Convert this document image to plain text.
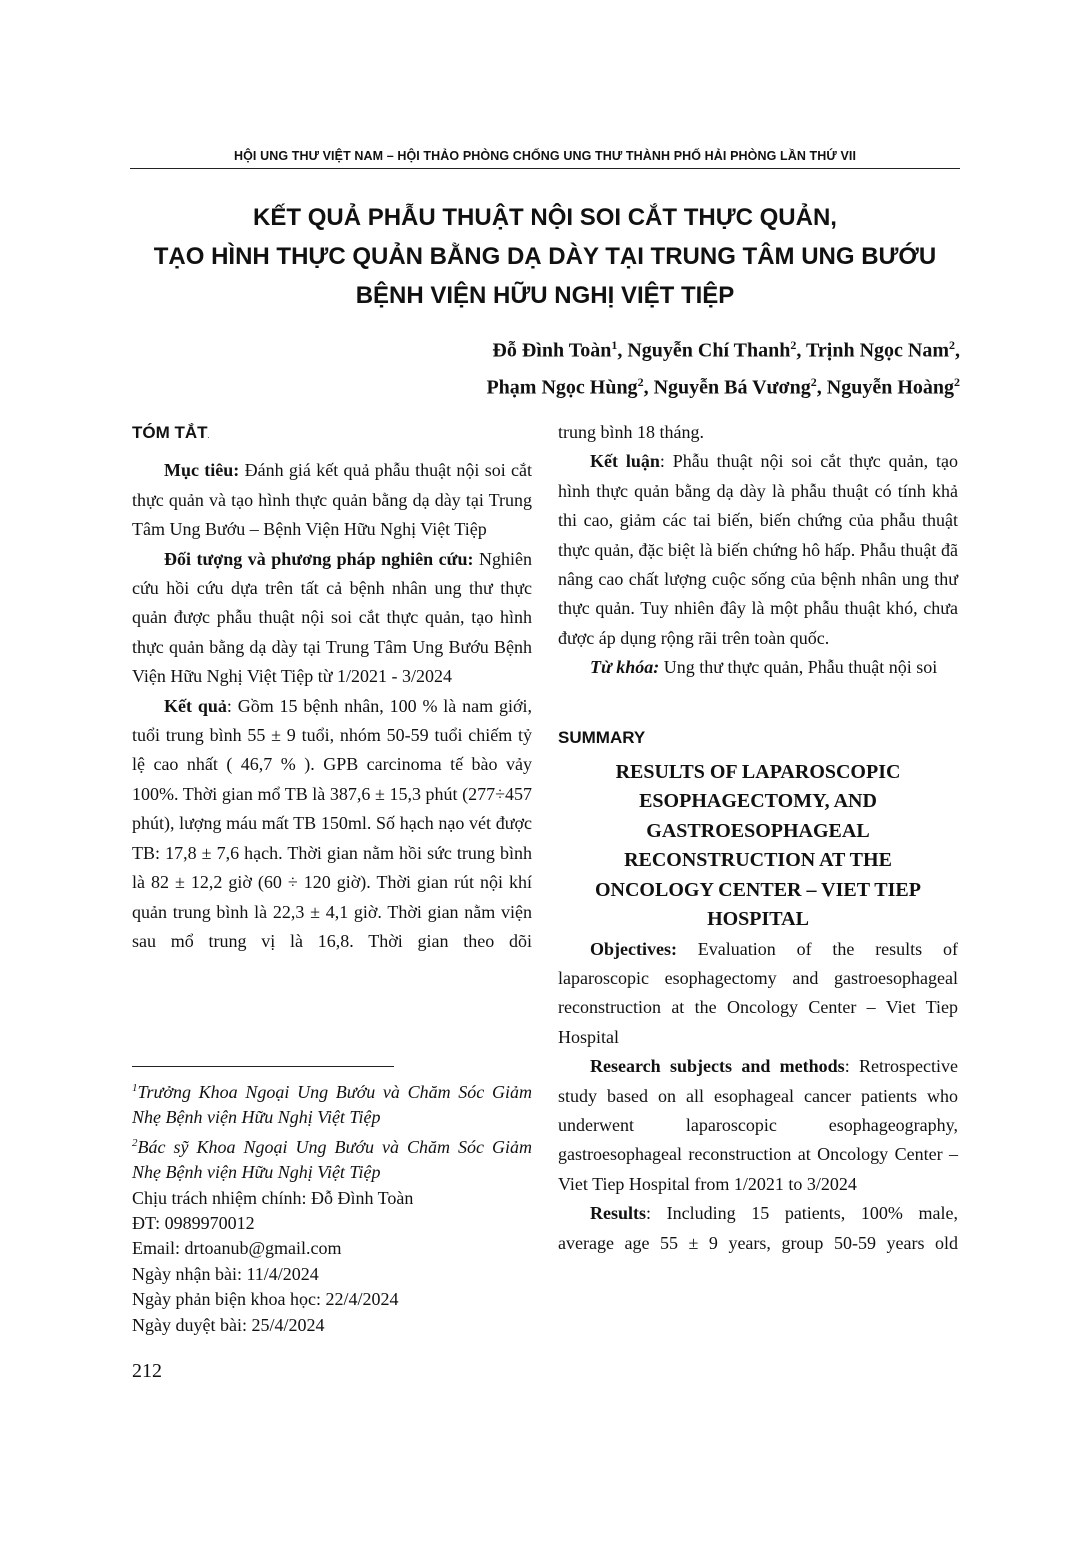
HỘI UNG THƯ VIỆT NAM – HỘI THẢO PHÒNG CHỐNG UNG THƯ THÀNH PHỐ HẢI PHÒNG LẦN THỨ VII
KẾT QUẢ PHẪU THUẬT NỘI SOI CẮT THỰC QUẢN,
TẠO HÌNH THỰC QUẢN BẰNG DẠ DÀY TẠI TRUNG TÂM UNG BƯỚU
BỆNH VIỆN HỮU NGHỊ VIỆT TIỆP
Đỗ Đình Toàn$^1$, Nguyễn Chí Thanh$^2$, Trịnh Ngọc Nam$^2$,
Phạm Ngọc Hùng$^2$, Nguyễn Bá Vương$^2$, Nguyễn Hoàng$^2$
TÓM TẮT.

Mục tiêu: Đánh giá kết quả phẫu thuật nội soi cắt thực quản và tạo hình thực quản bằng dạ dày tại Trung Tâm Ung Bướu – Bệnh Viện Hữu Nghị Việt Tiệp

Đối tượng và phương pháp nghiên cứu: Nghiên cứu hồi cứu dựa trên tất cả bệnh nhân ung thư thực quản được phẫu thuật nội soi cắt thực quản, tạo hình thực quản bằng dạ dày tại Trung Tâm Ung Bướu Bệnh Viện Hữu Nghị Việt Tiệp từ 1/2021 - 3/2024

Kết quả: Gồm 15 bệnh nhân, 100 % là nam giới, tuổi trung bình 55 ± 9 tuổi, nhóm 50-59 tuổi chiếm tỷ lệ cao nhất ( 46,7 % ). GPB carcinoma tế bào vảy 100%. Thời gian mổ TB là 387,6 ± 15,3 phút (277÷457 phút), lượng máu mất TB 150ml. Số hạch nạo vét được TB: 17,8 ± 7,6 hạch. Thời gian nằm hồi sức trung bình là 82 ± 12,2 giờ (60 ÷ 120 giờ). Thời gian rút nội khí quản trung bình là 22,3 ± 4,1 giờ. Thời gian nằm viện sau mổ trung vị là 16,8. Thời gian theo dõi

$^1$Trưởng Khoa Ngoại Ung Bướu và Chăm Sóc Giảm Nhẹ Bệnh viện Hữu Nghị Việt Tiệp
$^2$Bác sỹ Khoa Ngoại Ung Bướu và Chăm Sóc Giảm Nhẹ Bệnh viện Hữu Nghị Việt Tiệp
Chịu trách nhiệm chính: Đỗ Đình Toàn
ĐT: 0989970012
Email: drtoanub@gmail.com
Ngày nhận bài: 11/4/2024
Ngày phản biện khoa học: 22/4/2024
Ngày duyệt bài: 25/4/2024

trung bình 18 tháng.

Kết luận: Phẫu thuật nội soi cắt thực quản, tạo hình thực quản bằng dạ dày là phẫu thuật có tính khả thi cao, giảm các tai biến, biến chứng của phẫu thuật thực quản, đặc biệt là biến chứng hô hấp. Phẫu thuật đã nâng cao chất lượng cuộc sống của bệnh nhân ung thư thực quản. Tuy nhiên đây là một phẫu thuật khó, chưa được áp dụng rộng rãi trên toàn quốc.

Từ khóa: Ung thư thực quản, Phẫu thuật nội soi

SUMMARY
RESULTS OF LAPAROSCOPIC
ESOPHAGECTOMY, AND
GASTROESOPHAGEAL
RECONSTRUCTION AT THE
ONCOLOGY CENTER – VIET TIEP
HOSPITAL

Objectives: Evaluation of the results of laparoscopic esophagectomy and gastroesophageal reconstruction at the Oncology Center – Viet Tiep Hospital

Research subjects and methods: Retrospective study based on all esophageal cancer patients who underwent laparoscopic esophageography, gastroesophageal reconstruction at Oncology Center – Viet Tiep Hospital from 1/2021 to 3/2024

Results: Including 15 patients, 100% male, average age 55 ± 9 years, group 50-59 years old

212
